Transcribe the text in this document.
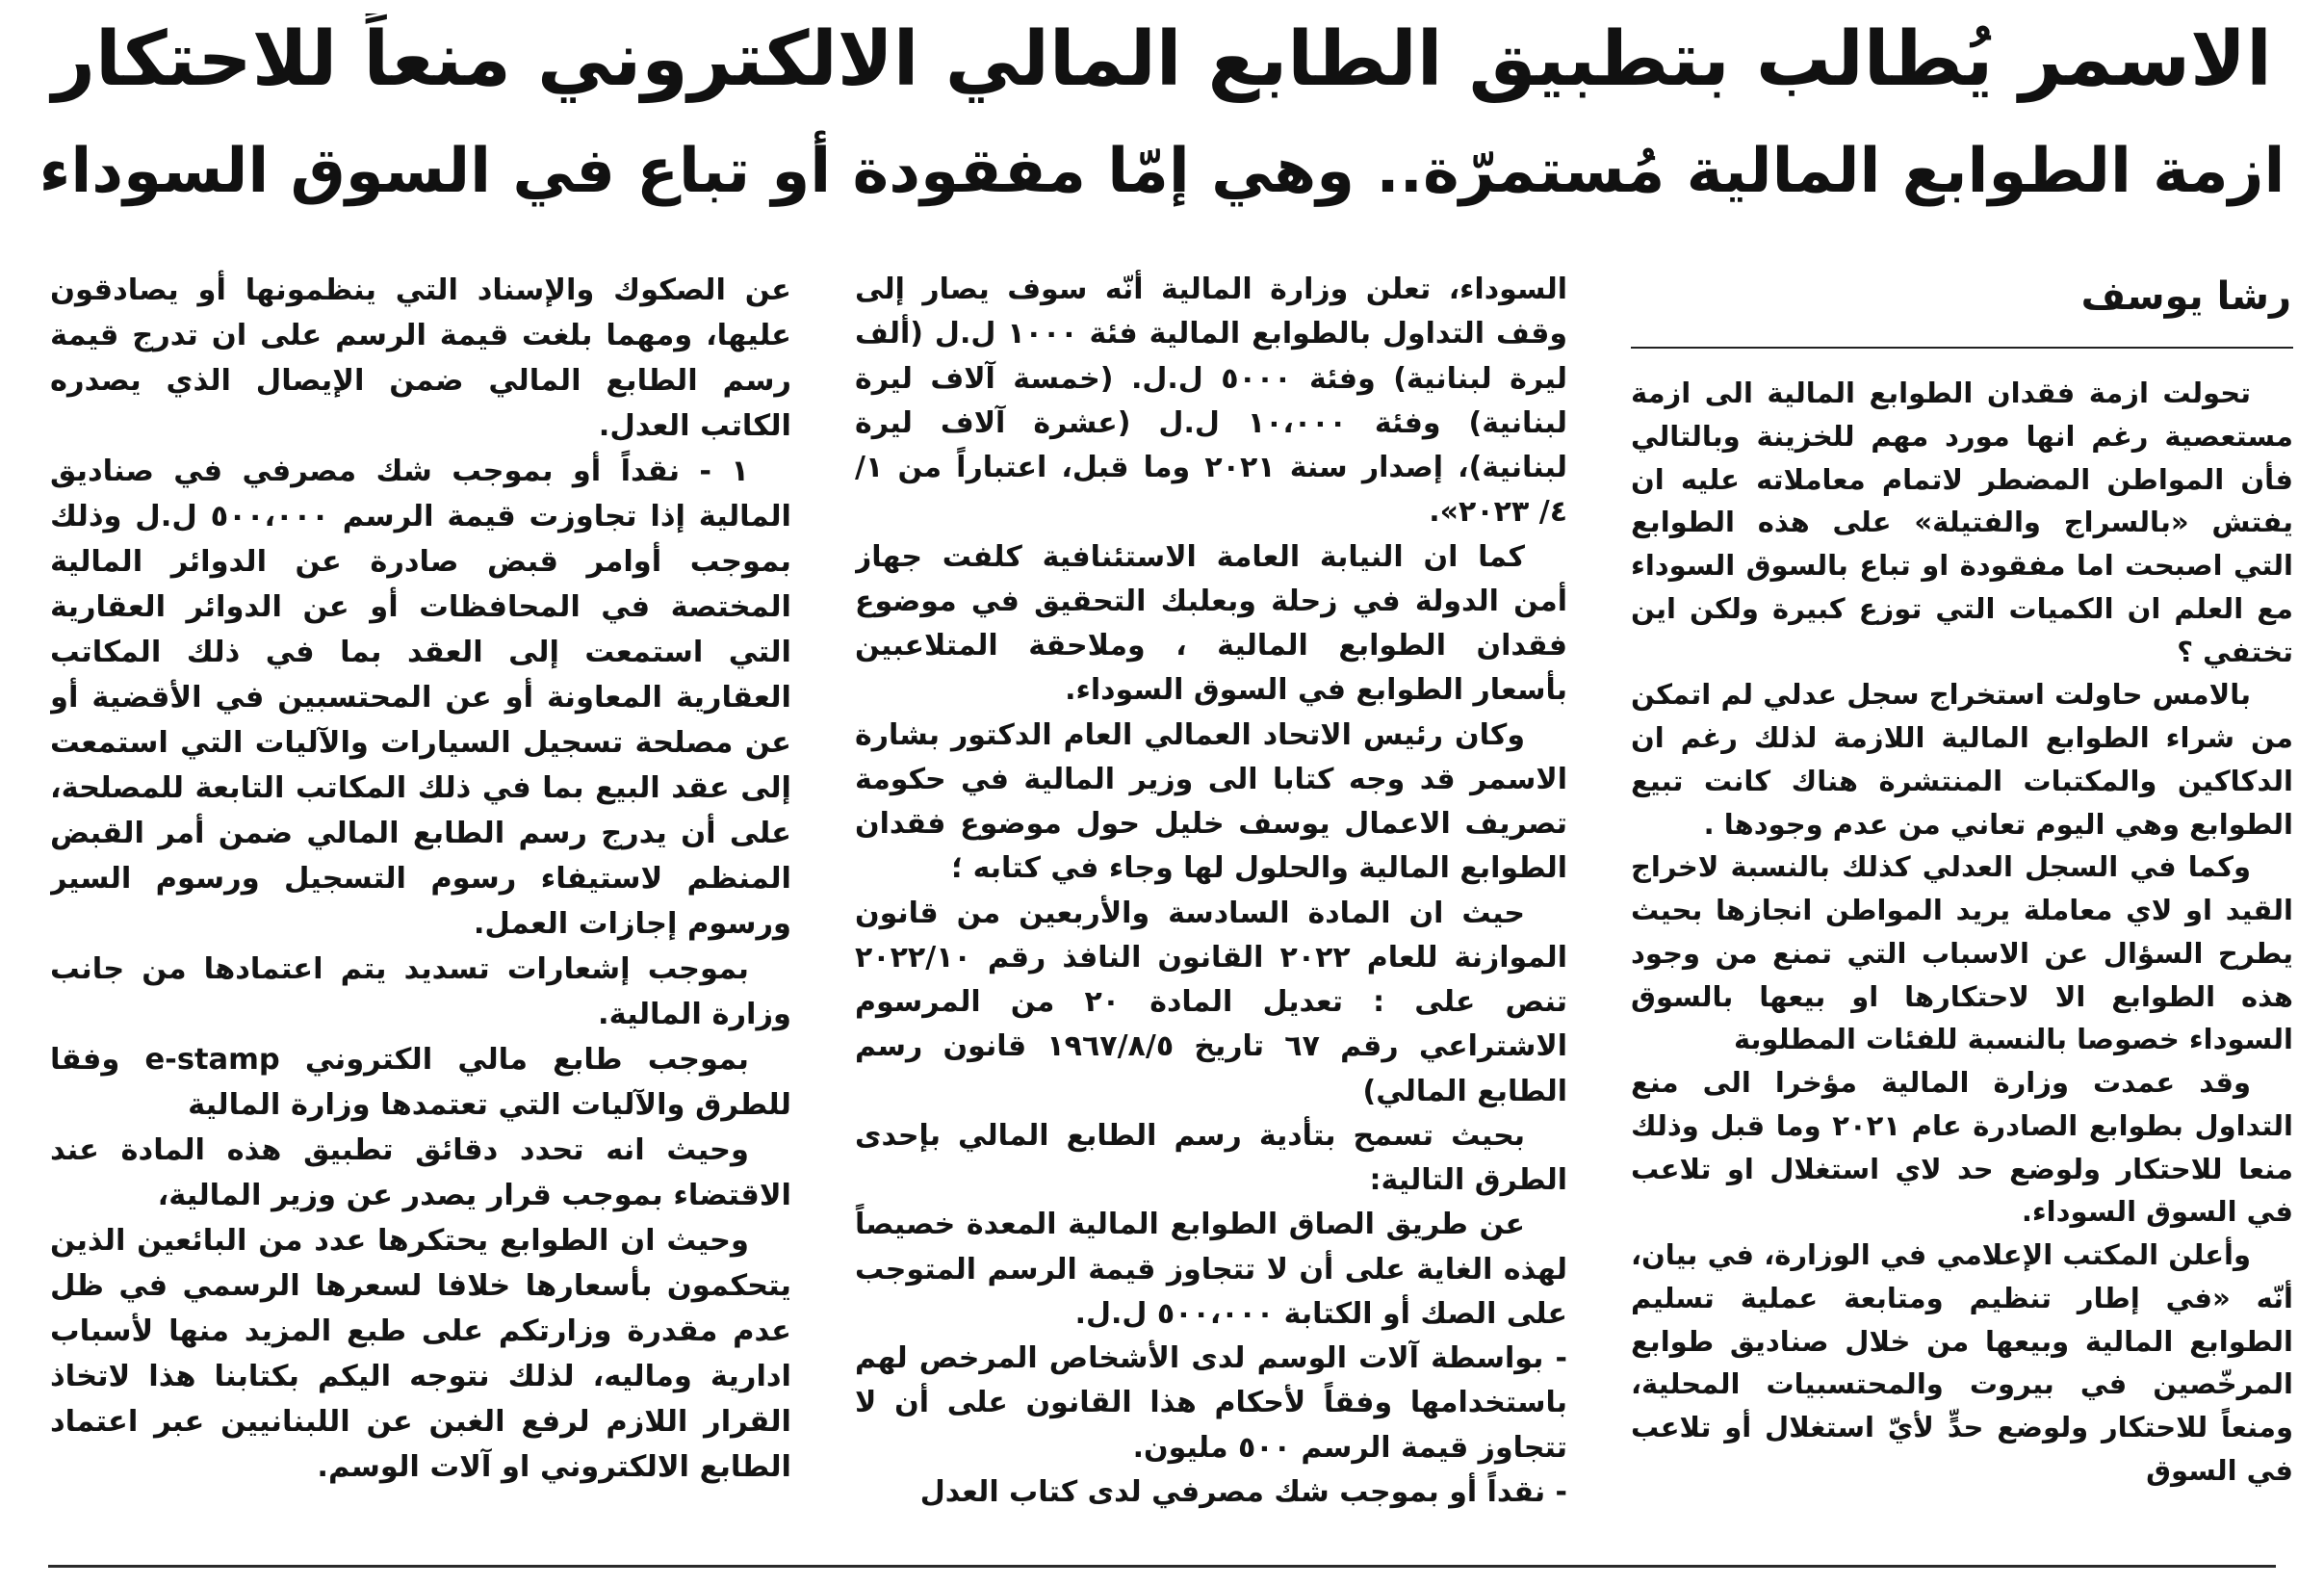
الاسمر يُطالب بتطبيق الطابع المالي الالكتروني منعاً للاحتكار
ازمة الطوابع المالية مُستمرّة.. وهي إمّا مفقودة أو تباع في السوق السوداء
رشا يوسف

تحولت ازمة فقدان الطوابع المالية الى ازمة مستعصية رغم انها مورد مهم للخزينة وبالتالي فأن المواطن المضطر لاتمام معاملاته عليه ان يفتش «بالسراج والفتيلة» على هذه الطوابع التي اصبحت اما مفقودة او تباع بالسوق السوداء مع العلم ان الكميات التي توزع كبيرة ولكن اين تختفي ؟

بالامس حاولت استخراج سجل عدلي لم اتمكن من شراء الطوابع المالية اللازمة لذلك رغم ان الدكاكين والمكتبات المنتشرة هناك كانت تبيع الطوابع وهي اليوم تعاني من عدم وجودها .

وكما في السجل العدلي كذلك بالنسبة لاخراج القيد او لاي معاملة يريد المواطن انجازها بحيث يطرح السؤال عن الاسباب التي تمنع من وجود هذه الطوابع الا لاحتكارها او بيعها بالسوق السوداء خصوصا بالنسبة للفئات المطلوبة

وقد عمدت وزارة المالية مؤخرا الى منع التداول بطوابع الصادرة عام ٢٠٢١ وما قبل وذلك منعا للاحتكار ولوضع حد لاي استغلال او تلاعب في السوق السوداء.

وأعلن المكتب الإعلامي في الوزارة، في بيان، أنّه «في إطار تنظيم ومتابعة عملية تسليم الطوابع المالية وبيعها من خلال صناديق طوابع المرخّصين في بيروت والمحتسبيات المحلية، ومنعاً للاحتكار ولوضع حدٍّ لأيّ استغلال أو تلاعب في السوق

السوداء، تعلن وزارة المالية أنّه سوف يصار إلى وقف التداول بالطوابع المالية فئة ١٠٠٠ ل.ل (ألف ليرة لبنانية) وفئة ٥٠٠٠ ل.ل. (خمسة آلاف ليرة لبنانية) وفئة ١٠،٠٠٠ ل.ل (عشرة آلاف ليرة لبنانية)، إصدار سنة ٢٠٢١ وما قبل، اعتباراً من ١/ ٤/ ٢٠٢٣».

كما ان النيابة العامة الاستئنافية كلفت جهاز أمن الدولة في زحلة وبعلبك التحقيق في موضوع فقدان الطوابع المالية ، وملاحقة المتلاعبين بأسعار الطوابع في السوق السوداء.

وكان رئيس الاتحاد العمالي العام الدكتور بشارة الاسمر قد وجه كتابا الى وزير المالية في حكومة تصريف الاعمال يوسف خليل حول موضوع فقدان الطوابع المالية والحلول لها وجاء في كتابه ؛

حيث ان المادة السادسة والأربعين من قانون الموازنة للعام ٢٠٢٢ القانون النافذ رقم ٢٠٢٢/١٠ تنص على : تعديل المادة ٢٠ من المرسوم الاشتراعي رقم ٦٧ تاريخ ١٩٦٧/٨/٥ قانون رسم الطابع المالي)

بحيث تسمح بتأدية رسم الطابع المالي بإحدى الطرق التالية:

عن طريق الصاق الطوابع المالية المعدة خصيصاً لهذه الغاية على أن لا تتجاوز قيمة الرسم المتوجب على الصك أو الكتابة ٥٠٠،٠٠٠ ل.ل.

- بواسطة آلات الوسم لدى الأشخاص المرخص لهم باستخدامها وفقاً لأحكام هذا القانون على أن لا تتجاوز قيمة الرسم ٥٠٠ مليون.

- نقداً أو بموجب شك مصرفي لدى كتاب العدل

عن الصكوك والإسناد التي ينظمونها أو يصادقون عليها، ومهما بلغت قيمة الرسم على ان تدرج قيمة رسم الطابع المالي ضمن الإيصال الذي يصدره الكاتب العدل.

١ - نقداً أو بموجب شك مصرفي في صناديق المالية إذا تجاوزت قيمة الرسم ٥٠٠،٠٠٠ ل.ل وذلك بموجب أوامر قبض صادرة عن الدوائر المالية المختصة في المحافظات أو عن الدوائر العقارية التي استمعت إلى العقد بما في ذلك المكاتب العقارية المعاونة أو عن المحتسبين في الأقضية أو عن مصلحة تسجيل السيارات والآليات التي استمعت إلى عقد البيع بما في ذلك المكاتب التابعة للمصلحة، على أن يدرج رسم الطابع المالي ضمن أمر القبض المنظم لاستيفاء رسوم التسجيل ورسوم السير ورسوم إجازات العمل.

بموجب إشعارات تسديد يتم اعتمادها من جانب وزارة المالية.

بموجب طابع مالي الكتروني e-stamp وفقا للطرق والآليات التي تعتمدها وزارة المالية

وحيث انه تحدد دقائق تطبيق هذه المادة عند الاقتضاء بموجب قرار يصدر عن وزير المالية،

وحيث ان الطوابع يحتكرها عدد من البائعين الذين يتحكمون بأسعارها خلافا لسعرها الرسمي في ظل عدم مقدرة وزارتكم على طبع المزيد منها لأسباب ادارية وماليه، لذلك نتوجه اليكم بكتابنا هذا لاتخاذ القرار اللازم لرفع الغبن عن اللبنانيين عبر اعتماد الطابع الالكتروني او آلات الوسم.
